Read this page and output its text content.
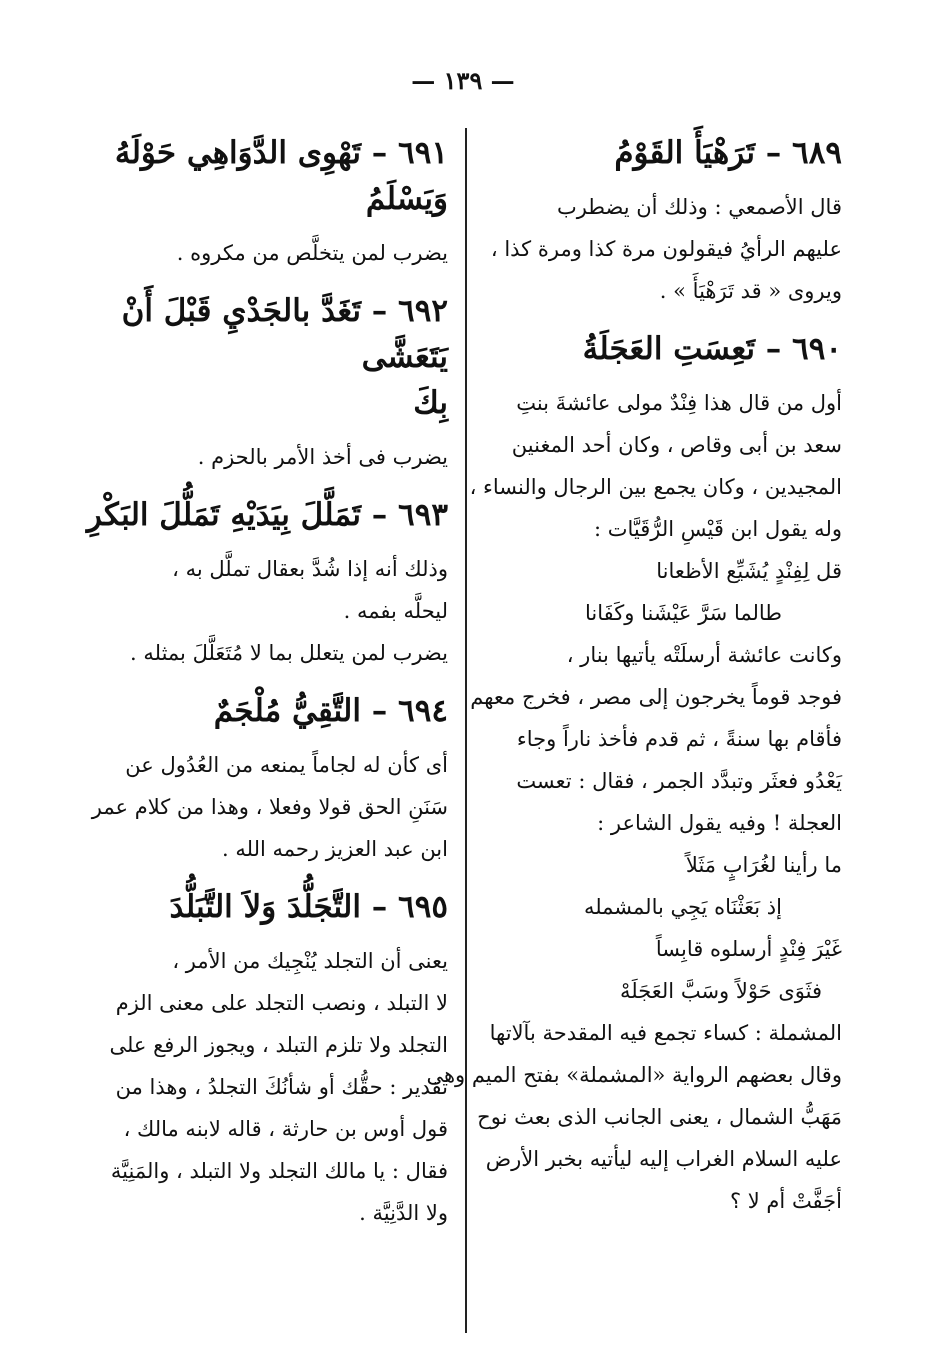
— ١٣٩ —
٦٨٩ – تَرَهْيَأَ القَوْمُ
قال الأصمعي : وذلك أن يضطرب
عليهم الرأيُ فيقولون مرة كذا ومرة كذا ،
ويروى « قد تَرَهْيَأَ » .
٦٩٠ – تَعِسَتِ العَجَلَةُ
أول من قال هذا فِنْدٌ مولى عائشةَ بنتِ
سعد بن أبى وقاص ، وكان أحد المغنين
المجيدين ، وكان يجمع بين الرجال والنساء ،
وله يقول ابن قَيْسِ الرُّقَيَّات :
قل لِفِنْدٍ يُشَيِّع الأظعانا
طالما سَرَّ عَيْشَنا وكَفَانا
وكانت عائشة أرسلَتْه يأتيها بنار ،
فوجد قوماً يخرجون إلى مصر ، فخرج معهم
فأقام بها سنةً ، ثم قدم فأخذ ناراً وجاء
يَعْدُو فعثَر وتبدَّد الجمر ، فقال : تعست
العجلة ! وفيه يقول الشاعر :
ما رأينا لغُرَابٍ مَثَلاً
إذ بَعَثْنَاه يَجِي بالمشمله
غَيْرَ فِنْدٍ أرسلوه قابِساً
فثَوَى حَوْلاً وسَبَّ العَجَلَهْ
المشملة : كساء تجمع فيه المقدحة بآلاتها
وقال بعضهم الرواية «المشملة» بفتح الميم وهى
مَهَبُّ الشمال ، يعنى الجانب الذى بعث نوح
عليه السلام الغراب إليه ليأتيه بخبر الأرض
أجَفَّتْ أم لا ؟
٦٩١ – تَهْوِى الدَّوَاهِي حَوْلَهُ وَيَسْلَمُ
يضرب لمن يتخلَّص من مكروه .
٦٩٢ – تَغَدَّ بالجَدْيِ قَبْلَ أَنْ يَتَعَشَّى
بِكَ
يضرب فى أخذ الأمر بالحزم .
٦٩٣ – تَمَلَّلَ بِيَدَيْهِ تَمَلُّلَ البَكْرِ
وذلك أنه إذا شُدَّ بعقال تملَّل به ،
ليحلَّه بفمه .
يضرب لمن يتعلل بما لا مُتَعَلَّلَ بمثله .
٦٩٤ – التَّقِيُّ مُلْجَمٌ
أى كأن له لجاماً يمنعه من العُدُول عن
سَنَنِ الحق قولا وفعلا ، وهذا من كلام عمر
ابن عبد العزيز رحمه الله .
٦٩٥ – التَّجَلُّدَ وَلاَ التَّبَلُّدَ
يعنى أن التجلد يُنْجِيك من الأمر ،
لا التبلد ، ونصب التجلد على معنى الزم
التجلد ولا تلزم التبلد ، ويجوز الرفع على
تقدير : حقُّك أو شأنُكَ التجلدُ ، وهذا من
قول أوس بن حارثة ، قاله لابنه مالك ،
فقال : يا مالك التجلد ولا التبلد ، والمَنِيَّة
ولا الدَّنِيَّة .
